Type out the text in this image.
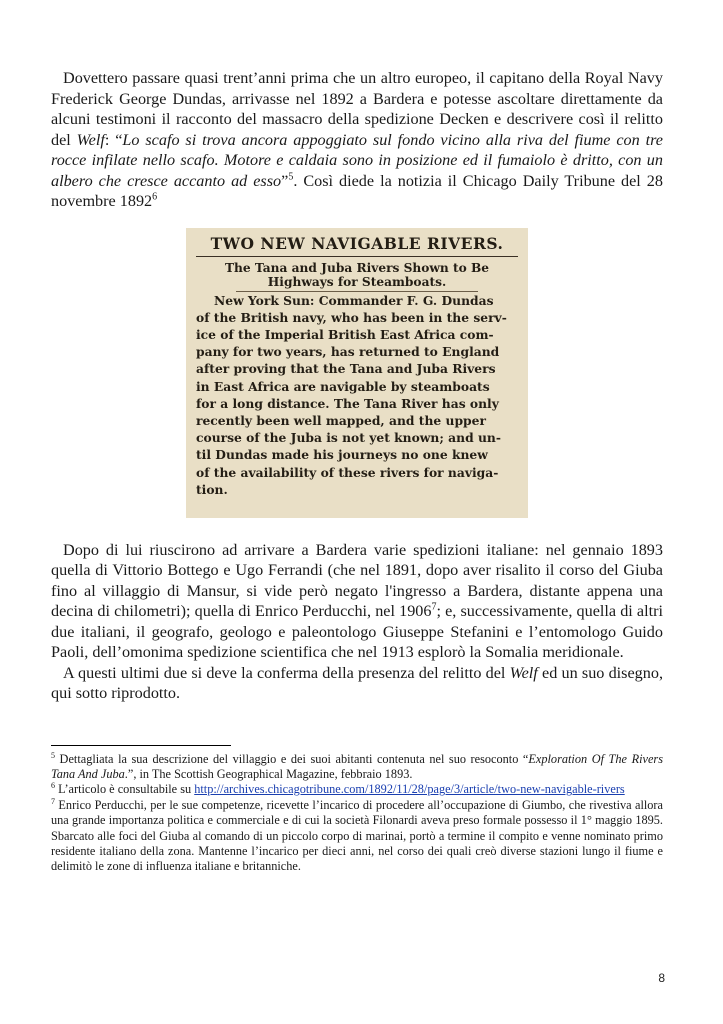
Dovettero passare quasi trent’anni prima che un altro europeo, il capitano della Royal Navy Frederick George Dundas, arrivasse nel 1892 a Bardera e potesse ascoltare direttamente da alcuni testimoni il racconto del massacro della spedizione Decken e descrivere così il relitto del Welf: “Lo scafo si trova ancora appoggiato sul fondo vicino alla riva del fiume con tre rocce infilate nello scafo. Motore e caldaia sono in posizione ed il fumaiolo è dritto, con un albero che cresce accanto ad esso”$^5$. Così diede la notizia il Chicago Daily Tribune del 28 novembre 1892$^6$

TWO NEW NAVIGABLE RIVERS.
The Tana and Juba Rivers Shown to Be
Highways for Steamboats.
New York Sun: Commander F. G. Dundas
of the British navy, who has been in the serv-
ice of the Imperial British East Africa com-
pany for two years, has returned to England
after proving that the Tana and Juba Rivers
in East Africa are navigable by steamboats
for a long distance. The Tana River has only
recently been well mapped, and the upper
course of the Juba is not yet known; and un-
til Dundas made his journeys no one knew
of the availability of these rivers for naviga-
tion.

Dopo di lui riuscirono ad arrivare a Bardera varie spedizioni italiane: nel gennaio 1893 quella di Vittorio Bottego e Ugo Ferrandi (che nel 1891, dopo aver risalito il corso del Giuba fino al villaggio di Mansur, si vide però negato l'ingresso a Bardera, distante appena una decina di chilometri); quella di Enrico Perducchi, nel 1906$^7$; e, successivamente, quella di altri due italiani, il geografo, geologo e paleontologo Giuseppe Stefanini e l’entomologo Guido Paoli, dell’omonima spedizione scientifica che nel 1913 esplorò la Somalia meridionale.

A questi ultimi due si deve la conferma della presenza del relitto del Welf ed un suo disegno, qui sotto riprodotto.

$^5$ Dettagliata la sua descrizione del villaggio e dei suoi abitanti contenuta nel suo resoconto “Exploration Of The Rivers Tana And Juba.”, in The Scottish Geographical Magazine, febbraio 1893.

$^6$ L’articolo è consultabile su http://archives.chicagotribune.com/1892/11/28/page/3/article/two-new-navigable-rivers

$^7$ Enrico Perducchi, per le sue competenze, ricevette l’incarico di procedere all’occupazione di Giumbo, che rivestiva allora una grande importanza politica e commerciale e di cui la società Filonardi aveva preso formale possesso il 1° maggio 1895. Sbarcato alle foci del Giuba al comando di un piccolo corpo di marinai, portò a termine il compito e venne nominato primo residente italiano della zona. Mantenne l’incarico per dieci anni, nel corso dei quali creò diverse stazioni lungo il fiume e delimitò le zone di influenza italiane e britanniche.

8
